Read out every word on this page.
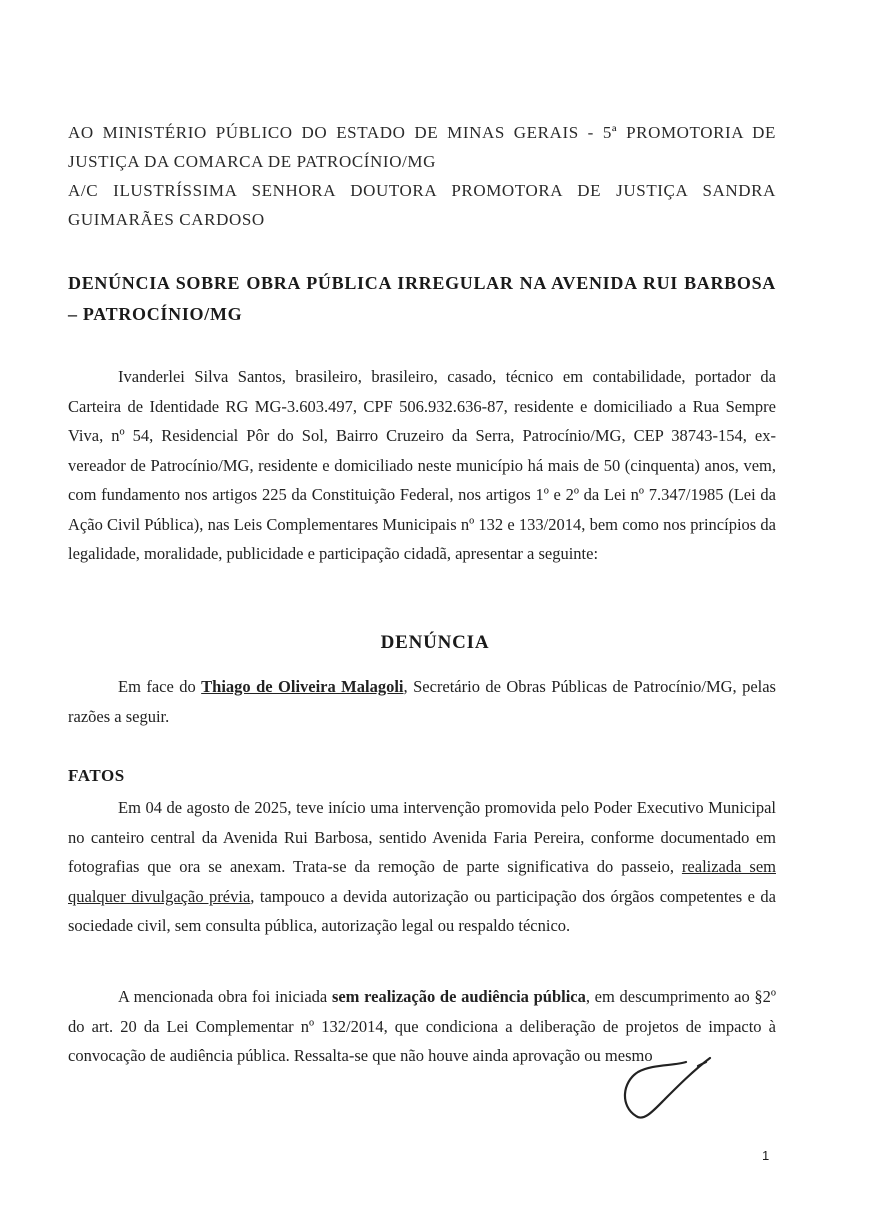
AO MINISTÉRIO PÚBLICO DO ESTADO DE MINAS GERAIS - 5ª PROMOTORIA DE

JUSTIÇA DA COMARCA DE PATROCÍNIO/MG

A/C ILUSTRÍSSIMA SENHORA DOUTORA PROMOTORA DE JUSTIÇA SANDRA

GUIMARÃES CARDOSO

DENÚNCIA SOBRE OBRA PÚBLICA IRREGULAR NA AVENIDA RUI BARBOSA – PATROCÍNIO/MG
Ivanderlei Silva Santos, brasileiro, brasileiro, casado, técnico em contabilidade, portador da Carteira de Identidade RG MG-3.603.497, CPF 506.932.636-87, residente e domiciliado a Rua Sempre Viva, nº 54, Residencial Pôr do Sol, Bairro Cruzeiro da Serra, Patrocínio/MG, CEP 38743-154, ex-vereador de Patrocínio/MG, residente e domiciliado neste município há mais de 50 (cinquenta) anos, vem, com fundamento nos artigos 225 da Constituição Federal, nos artigos 1º e 2º da Lei nº 7.347/1985 (Lei da Ação Civil Pública), nas Leis Complementares Municipais nº 132 e 133/2014, bem como nos princípios da legalidade, moralidade, publicidade e participação cidadã, apresentar a seguinte:
DENÚNCIA
Em face do Thiago de Oliveira Malagoli, Secretário de Obras Públicas de Patrocínio/MG, pelas razões a seguir.
FATOS
Em 04 de agosto de 2025, teve início uma intervenção promovida pelo Poder Executivo Municipal no canteiro central da Avenida Rui Barbosa, sentido Avenida Faria Pereira, conforme documentado em fotografias que ora se anexam. Trata-se da remoção de parte significativa do passeio, realizada sem qualquer divulgação prévia, tampouco a devida autorização ou participação dos órgãos competentes e da sociedade civil, sem consulta pública, autorização legal ou respaldo técnico.
A mencionada obra foi iniciada sem realização de audiência pública, em descumprimento ao §2º do art. 20 da Lei Complementar nº 132/2014, que condiciona a deliberação de projetos de impacto à convocação de audiência pública. Ressalta-se que não houve ainda aprovação ou mesmo
1
